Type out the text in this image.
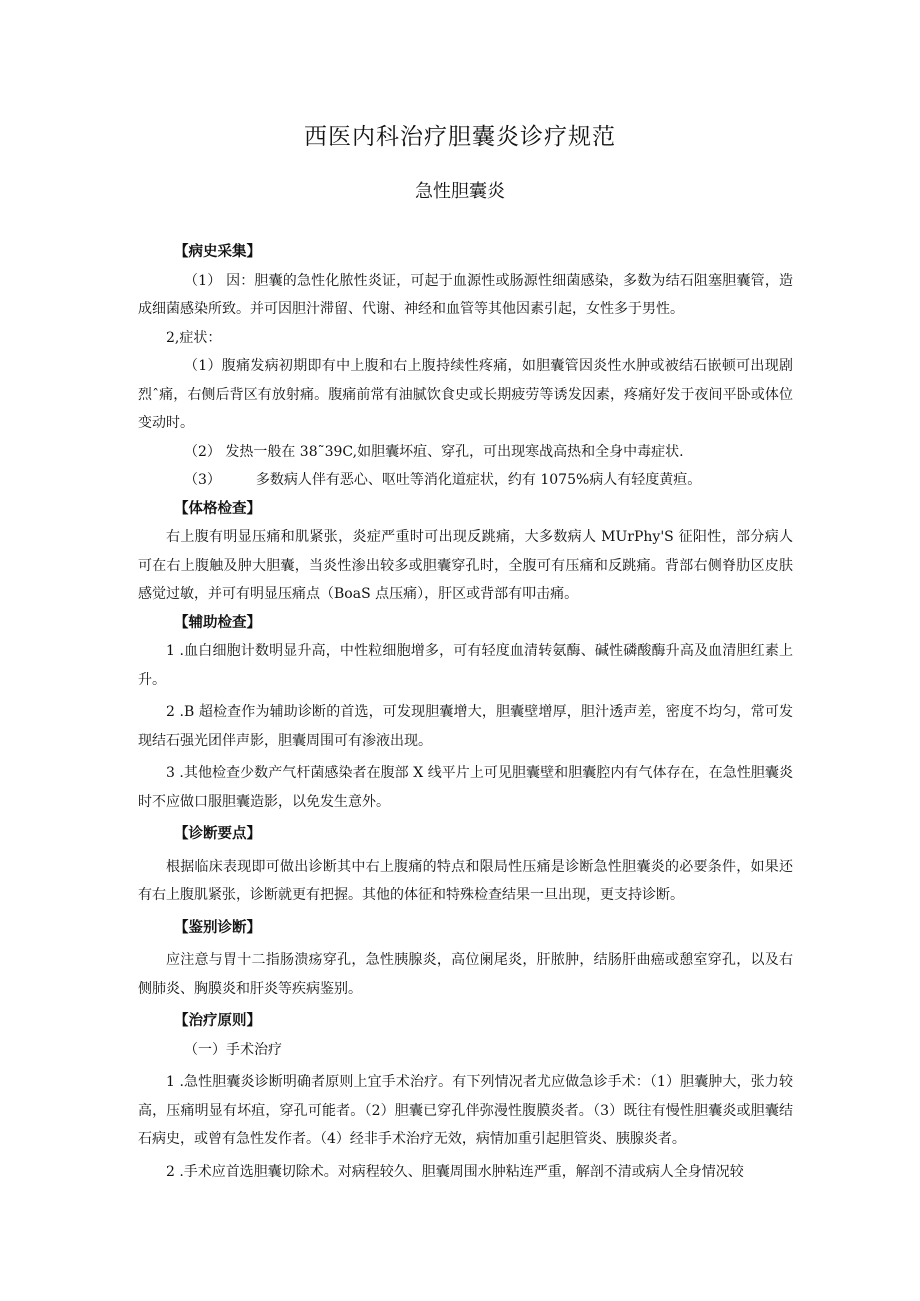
西医内科治疗胆囊炎诊疗规范
急性胆囊炎

【病史采集】

（1） 因：胆囊的急性化脓性炎证，可起于血源性或肠源性细菌感染，多数为结石阻塞胆囊管，造成细菌感染所致。并可因胆汁滞留、代谢、神经和血管等其他因素引起，女性多于男性。

2,症状：

（1）腹痛发病初期即有中上腹和右上腹持续性疼痛，如胆囊管因炎性水肿或被结石嵌顿可出现剧烈ˆ痛，右侧后背区有放射痛。腹痛前常有油腻饮食史或长期疲劳等诱发因素，疼痛好发于夜间平卧或体位变动时。

（2） 发热一般在 38˜39C,如胆囊坏疽、穿孔，可出现寒战高热和全身中毒症状.

（3）　　　多数病人伴有恶心、呕吐等消化道症状，约有 1075%病人有轻度黄疸。

【体格检查】

右上腹有明显压痛和肌紧张，炎症严重时可出现反跳痛，大多数病人 MUrPhy'S 征阳性，部分病人可在右上腹触及肿大胆囊，当炎性渗出较多或胆囊穿孔时，全腹可有压痛和反跳痛。背部右侧脊肋区皮肤感觉过敏，并可有明显压痛点（BoaS 点压痛），肝区或背部有叩击痛。

【辅助检查】

1 .血白细胞计数明显升高，中性粒细胞增多，可有轻度血清转氨酶、碱性磷酸酶升高及血清胆红素上升。

2 .B 超检查作为辅助诊断的首选，可发现胆囊增大，胆囊壁增厚，胆汁透声差，密度不均匀，常可发现结石强光团伴声影，胆囊周围可有渗液出现。

3 .其他检查少数产气杆菌感染者在腹部 X 线平片上可见胆囊壁和胆囊腔内有气体存在，在急性胆囊炎时不应做口服胆囊造影，以免发生意外。

【诊断要点】

根据临床表现即可做出诊断其中右上腹痛的特点和限局性压痛是诊断急性胆囊炎的必要条件，如果还有右上腹肌紧张，诊断就更有把握。其他的体征和特殊检查结果一旦出现，更支持诊断。

【鉴别诊断】

应注意与胃十二指肠溃疡穿孔，急性胰腺炎，高位阑尾炎，肝脓肿，结肠肝曲癌或憩室穿孔，以及右侧肺炎、胸膜炎和肝炎等疾病鉴别。

【治疗原则】

（一）手术治疗

1 .急性胆囊炎诊断明确者原则上宜手术治疗。有下列情况者尤应做急诊手术：（1）胆囊肿大，张力较高，压痛明显有坏疽，穿孔可能者。（2）胆囊已穿孔伴弥漫性腹膜炎者。（3）既往有慢性胆囊炎或胆囊结石病史，或曾有急性发作者。（4）经非手术治疗无效，病情加重引起胆管炎、胰腺炎者。

2 .手术应首选胆囊切除术。对病程较久、胆囊周围水肿粘连严重，解剖不清或病人全身情况较
